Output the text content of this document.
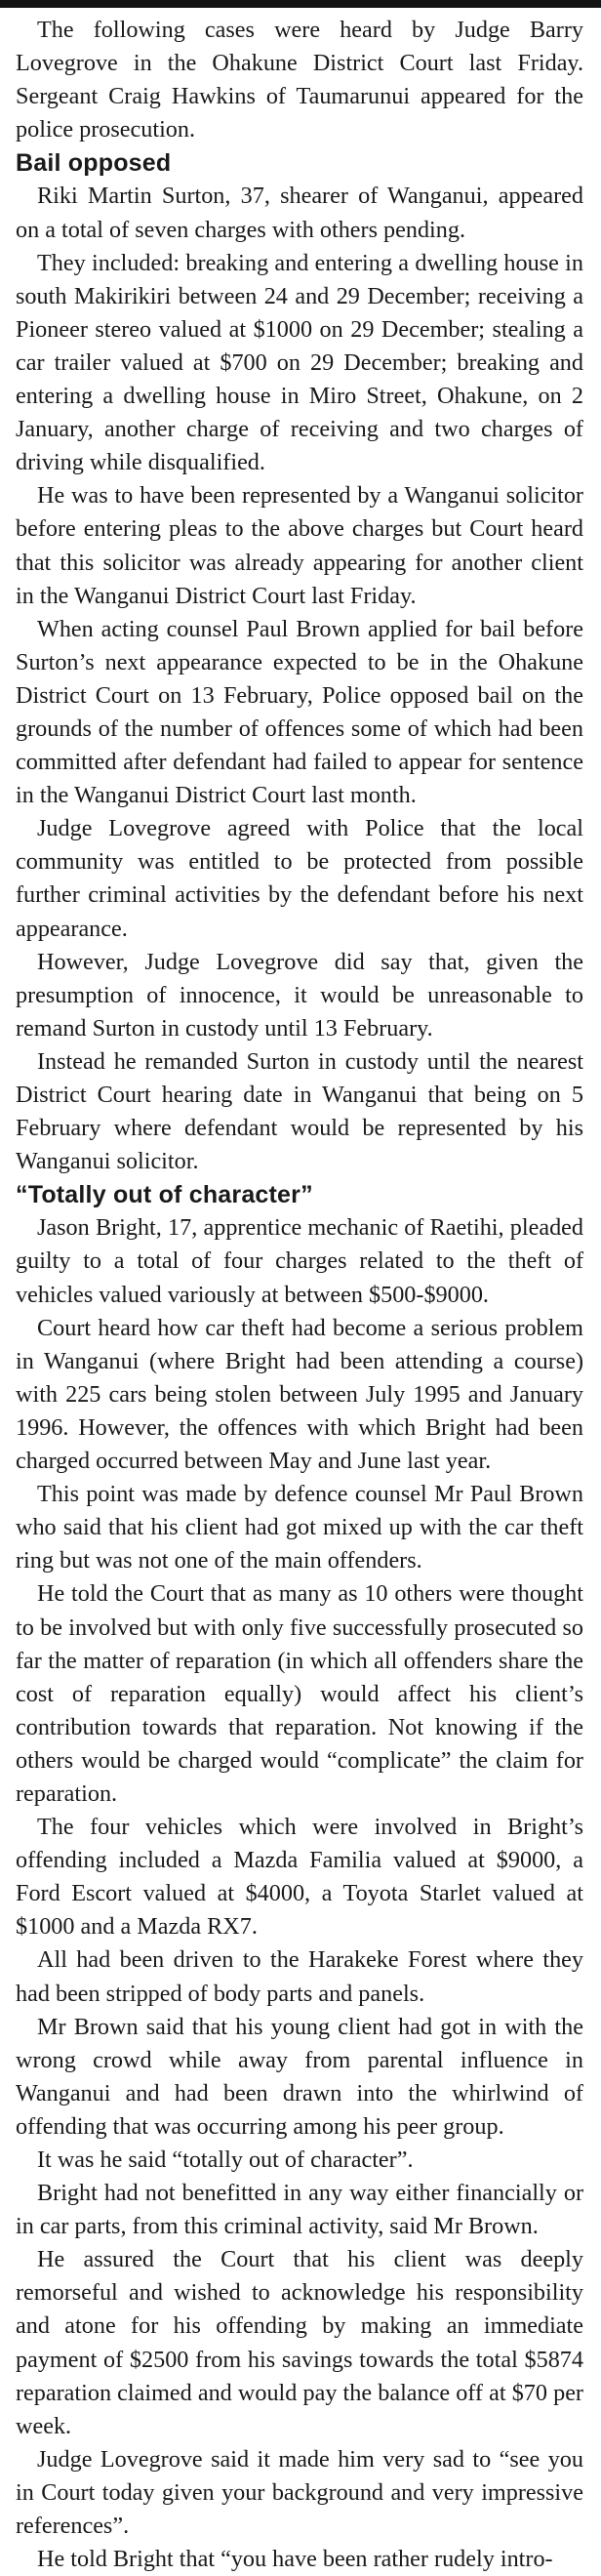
The following cases were heard by Judge Barry Lovegrove in the Ohakune District Court last Friday. Sergeant Craig Hawkins of Taumarunui appeared for the police prosecution.

Bail opposed

Riki Martin Surton, 37, shearer of Wanganui, appeared on a total of seven charges with others pending.

They included: breaking and entering a dwelling house in south Makirikiri between 24 and 29 December; receiving a Pioneer stereo valued at $1000 on 29 December; stealing a car trailer valued at $700 on 29 December; breaking and entering a dwelling house in Miro Street, Ohakune, on 2 January, another charge of receiving and two charges of driving while disqualified.

He was to have been represented by a Wanganui solicitor before entering pleas to the above charges but Court heard that this solicitor was already appearing for another client in the Wanganui District Court last Friday.

When acting counsel Paul Brown applied for bail before Surton’s next appearance expected to be in the Ohakune District Court on 13 February, Police opposed bail on the grounds of the number of offences some of which had been committed after defendant had failed to appear for sentence in the Wanganui District Court last month.

Judge Lovegrove agreed with Police that the local community was entitled to be protected from possible further criminal activities by the defendant before his next appearance.

However, Judge Lovegrove did say that, given the presumption of innocence, it would be unreasonable to remand Surton in custody until 13 February.

Instead he remanded Surton in custody until the nearest District Court hearing date in Wanganui that being on 5 February where defendant would be represented by his Wanganui solicitor.

“Totally out of character”

Jason Bright, 17, apprentice mechanic of Raetihi, pleaded guilty to a total of four charges related to the theft of vehicles valued variously at between $500-$9000.

Court heard how car theft had become a serious problem in Wanganui (where Bright had been attending a course) with 225 cars being stolen between July 1995 and January 1996. However, the offences with which Bright had been charged occurred between May and June last year.

This point was made by defence counsel Mr Paul Brown who said that his client had got mixed up with the car theft ring but was not one of the main offenders.

He told the Court that as many as 10 others were thought to be involved but with only five successfully prosecuted so far the matter of reparation (in which all offenders share the cost of reparation equally) would affect his client’s contribution towards that reparation. Not knowing if the others would be charged would “complicate” the claim for reparation.

The four vehicles which were involved in Bright’s offending included a Mazda Familia valued at $9000, a Ford Escort valued at $4000, a Toyota Starlet valued at $1000 and a Mazda RX7.

All had been driven to the Harakeke Forest where they had been stripped of body parts and panels.

Mr Brown said that his young client had got in with the wrong crowd while away from parental influence in Wanganui and had been drawn into the whirlwind of offending that was occurring among his peer group.

It was he said “totally out of character”.

Bright had not benefitted in any way either financially or in car parts, from this criminal activity, said Mr Brown.

He assured the Court that his client was deeply remorseful and wished to acknowledge his responsibility and atone for his offending by making an immediate payment of $2500 from his savings towards the total $5874 reparation claimed and would pay the balance off at $70 per week.

Judge Lovegrove said it made him very sad to “see you in Court today given your background and very impressive references”.

He told Bright that “you have been rather rudely intro-
